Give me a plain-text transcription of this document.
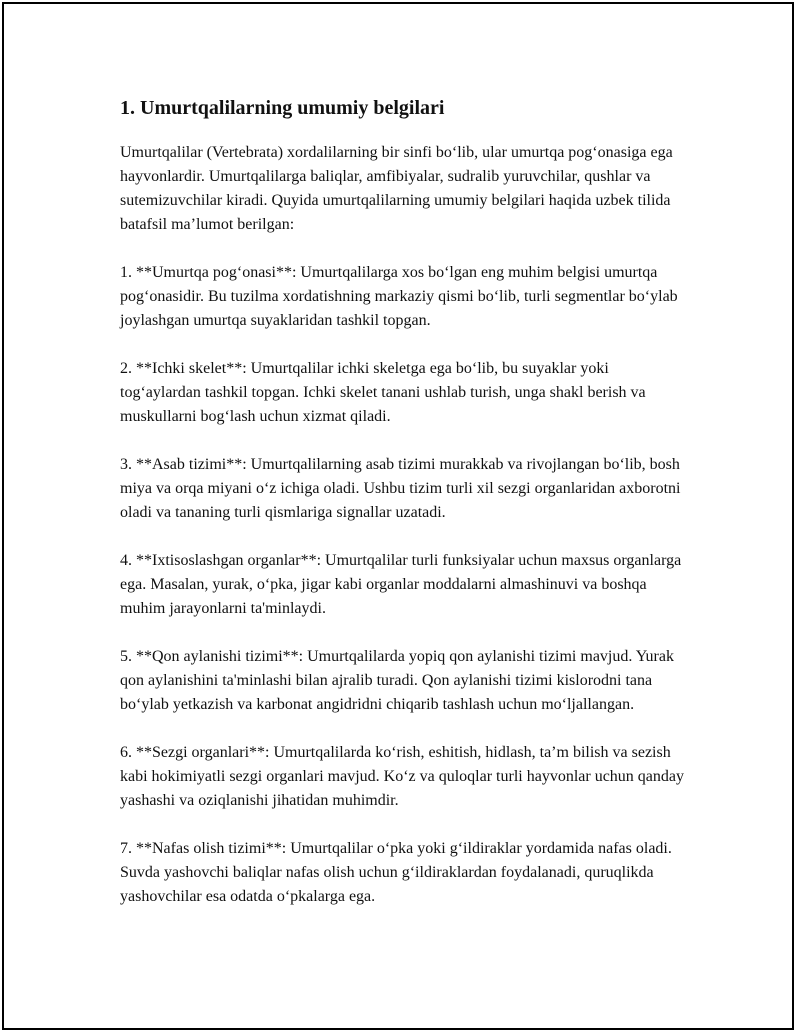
1. Umurtqalilarning umumiy belgilari

Umurtqalilar (Vertebrata) xordalilarning bir sinfi bo‘lib, ular umurtqa pog‘onasiga ega hayvonlardir. Umurtqalilarga baliqlar, amfibiyalar, sudralib yuruvchilar, qushlar va sutemizuvchilar kiradi. Quyida umurtqalilarning umumiy belgilari haqida uzbek tilida batafsil ma’lumot berilgan:

1. **Umurtqa pog‘onasi**: Umurtqalilarga xos bo‘lgan eng muhim belgisi umurtqa pog‘onasidir. Bu tuzilma xordatishning markaziy qismi bo‘lib, turli segmentlar bo‘ylab joylashgan umurtqa suyaklaridan tashkil topgan.

2. **Ichki skelet**: Umurtqalilar ichki skeletga ega bo‘lib, bu suyaklar yoki tog‘aylardan tashkil topgan. Ichki skelet tanani ushlab turish, unga shakl berish va muskullarni bog‘lash uchun xizmat qiladi.

3. **Asab tizimi**: Umurtqalilarning asab tizimi murakkab va rivojlangan bo‘lib, bosh miya va orqa miyani o‘z ichiga oladi. Ushbu tizim turli xil sezgi organlaridan axborotni oladi va tananing turli qismlariga signallar uzatadi.

4. **Ixtisoslashgan organlar**: Umurtqalilar turli funksiyalar uchun maxsus organlarga ega. Masalan, yurak, o‘pka, jigar kabi organlar moddalarni almashinuvi va boshqa muhim jarayonlarni ta'minlaydi.

5. **Qon aylanishi tizimi**: Umurtqalilarda yopiq qon aylanishi tizimi mavjud. Yurak qon aylanishini ta'minlashi bilan ajralib turadi. Qon aylanishi tizimi kislorodni tana bo‘ylab yetkazish va karbonat angidridni chiqarib tashlash uchun mo‘ljallangan.

6. **Sezgi organlari**: Umurtqalilarda ko‘rish, eshitish, hidlash, ta’m bilish va sezish kabi hokimiyatli sezgi organlari mavjud. Ko‘z va quloqlar turli hayvonlar uchun qanday yashashi va oziqlanishi jihatidan muhimdir.

7. **Nafas olish tizimi**: Umurtqalilar o‘pka yoki g‘ildiraklar yordamida nafas oladi. Suvda yashovchi baliqlar nafas olish uchun g‘ildiraklardan foydalanadi, quruqlikda yashovchilar esa odatda o‘pkalarga ega.
